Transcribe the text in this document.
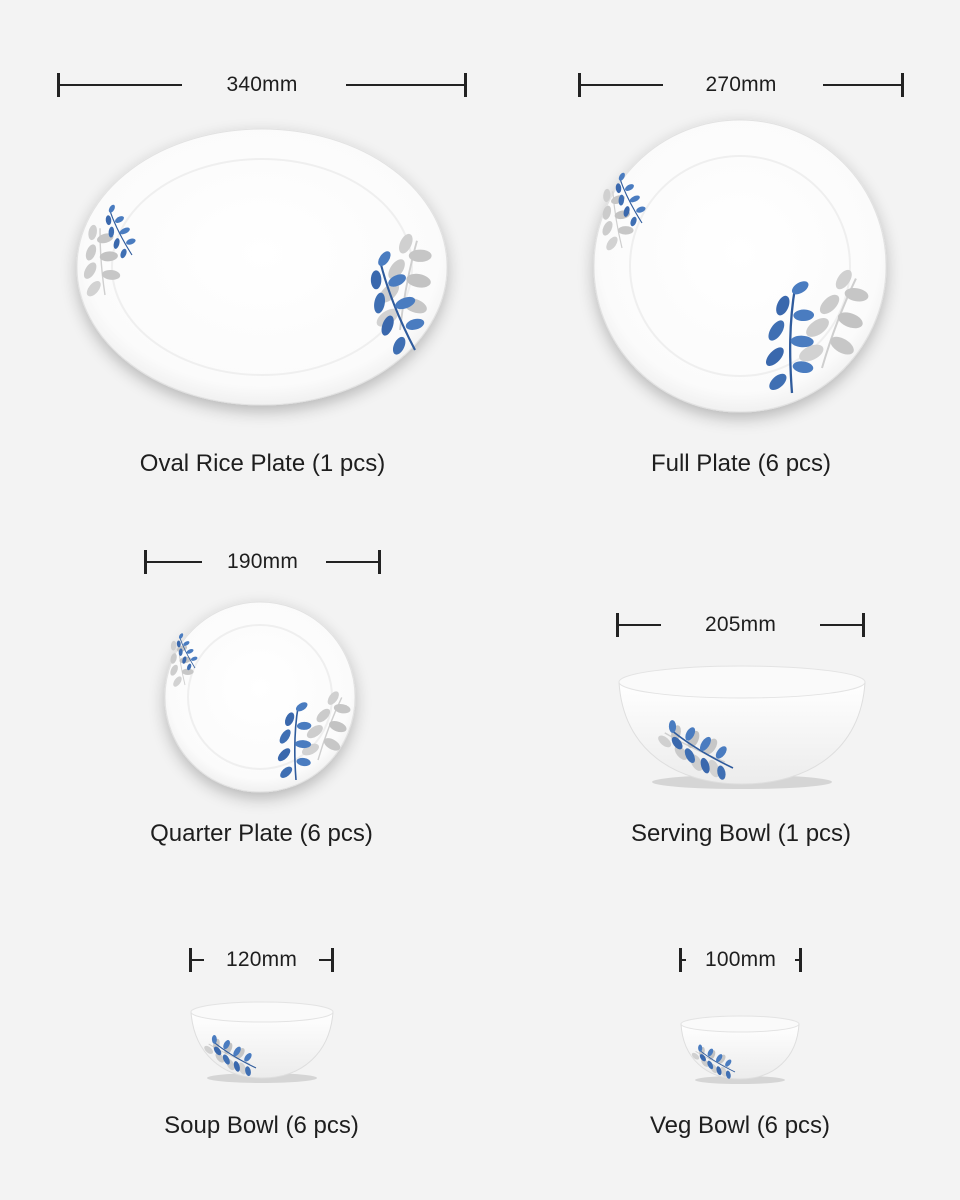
340mm
Oval Rice Plate (1 pcs)
270mm
Full Plate (6 pcs)
190mm
Quarter Plate (6 pcs)
205mm
Serving Bowl (1 pcs)
120mm
Soup Bowl (6 pcs)
100mm
Veg Bowl (6 pcs)
